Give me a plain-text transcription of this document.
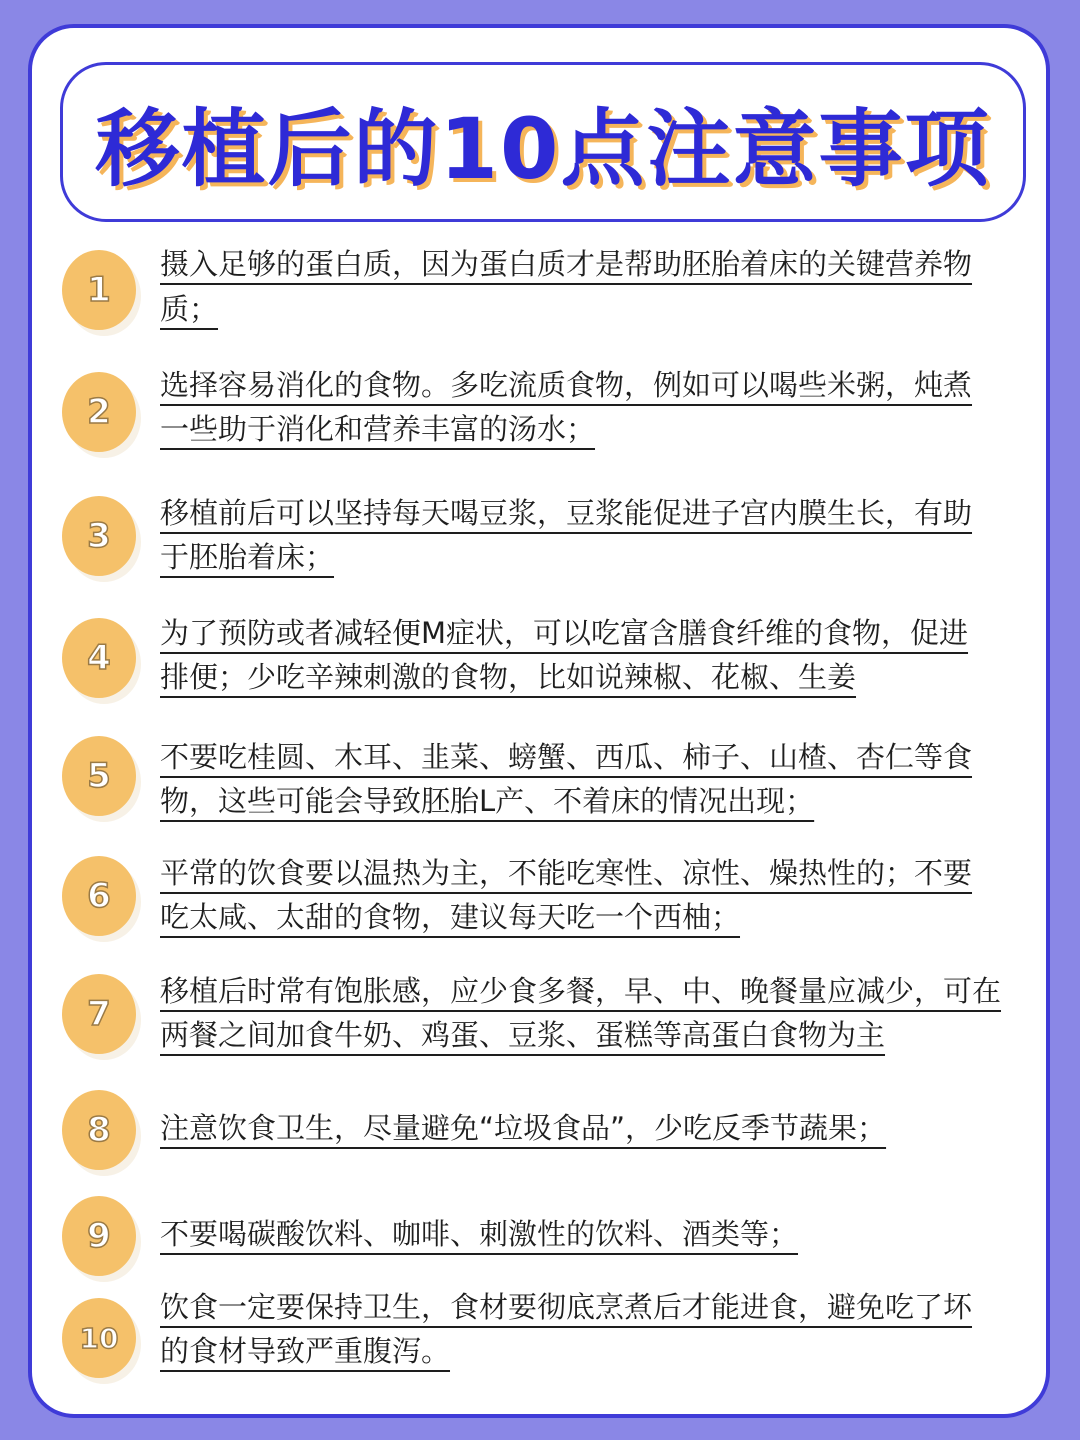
移植后的10点注意事项
1

摄入足够的蛋白质，因为蛋白质才是帮助胚胎着床的关键营养物质；

2

选择容易消化的食物。多吃流质食物，例如可以喝些米粥，炖煮一些助于消化和营养丰富的汤水；

3

移植前后可以坚持每天喝豆浆，豆浆能促进子宫内膜生长，有助于胚胎着床；

4

为了预防或者减轻便M症状，可以吃富含膳食纤维的食物，促进排便；少吃辛辣刺激的食物，比如说辣椒、花椒、生姜

5	不要吃桂圆、木耳、韭菜、螃蟹、西瓜、柿子、山楂、杏仁等食物，这些可能会导致胚胎L产、不着床的情况出现；

6

平常的饮食要以温热为主，不能吃寒性、凉性、燥热性的；不要吃太咸、太甜的食物，建议每天吃一个西柚；

7

移植后时常有饱胀感，应少食多餐，早、中、晚餐量应减少，可在两餐之间加食牛奶、鸡蛋、豆浆、蛋糕等高蛋白食物为主

8	注意饮食卫生，尽量避免“垃圾食品”，少吃反季节蔬果；

9	不要喝碳酸饮料、咖啡、刺激性的饮料、酒类等；

10

饮食一定要保持卫生，食材要彻底烹煮后才能进食，避免吃了坏的食材导致严重腹泻。
